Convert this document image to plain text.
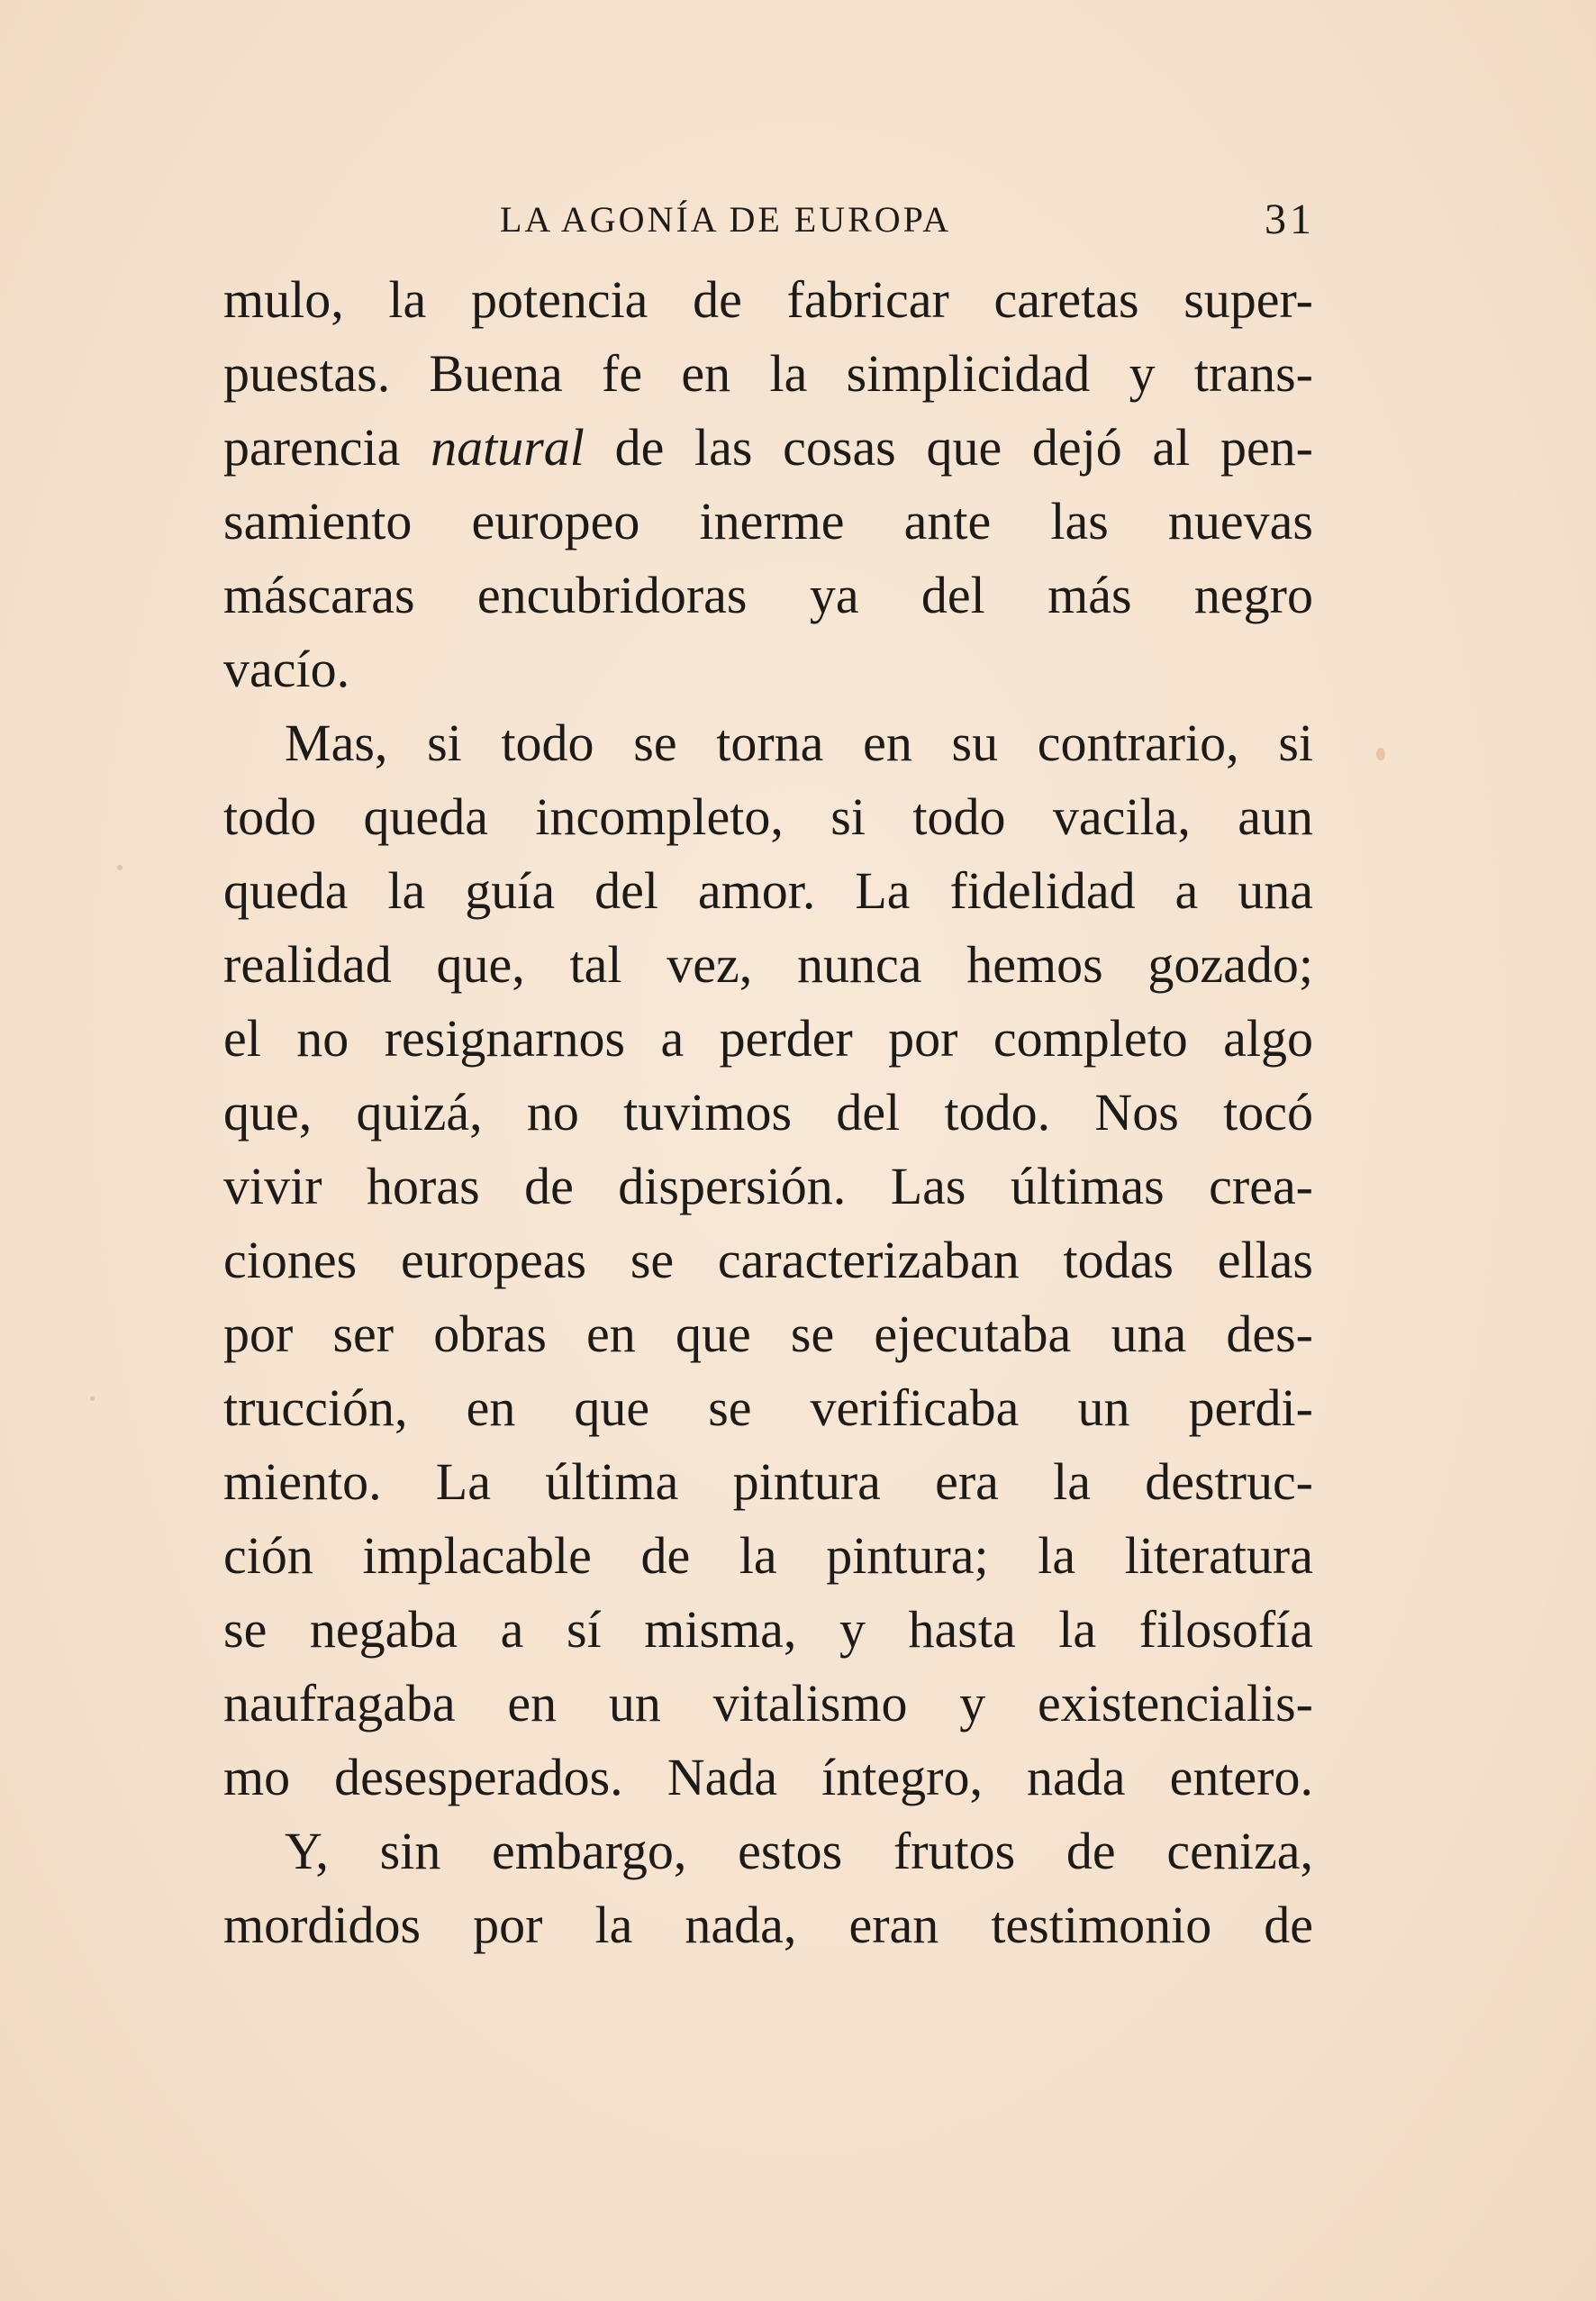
LA AGONÍA DE EUROPA	31
mulo, la potencia de fabricar caretas super-
puestas. Buena fe en la simplicidad y trans-
parencia natural de las cosas que dejó al pen-
samiento europeo inerme ante las nuevas
máscaras encubridoras ya del más negro
vacío.
Mas, si todo se torna en su contrario, si
todo queda incompleto, si todo vacila, aun
queda la guía del amor. La fidelidad a una
realidad que, tal vez, nunca hemos gozado;
el no resignarnos a perder por completo algo
que, quizá, no tuvimos del todo. Nos tocó
vivir horas de dispersión. Las últimas crea-
ciones europeas se caracterizaban todas ellas
por ser obras en que se ejecutaba una des-
trucción, en que se verificaba un perdi-
miento. La última pintura era la destruc-
ción implacable de la pintura; la literatura
se negaba a sí misma, y hasta la filosofía
naufragaba en un vitalismo y existencialis-
mo desesperados. Nada íntegro, nada entero.
Y, sin embargo, estos frutos de ceniza,
mordidos por la nada, eran testimonio de
